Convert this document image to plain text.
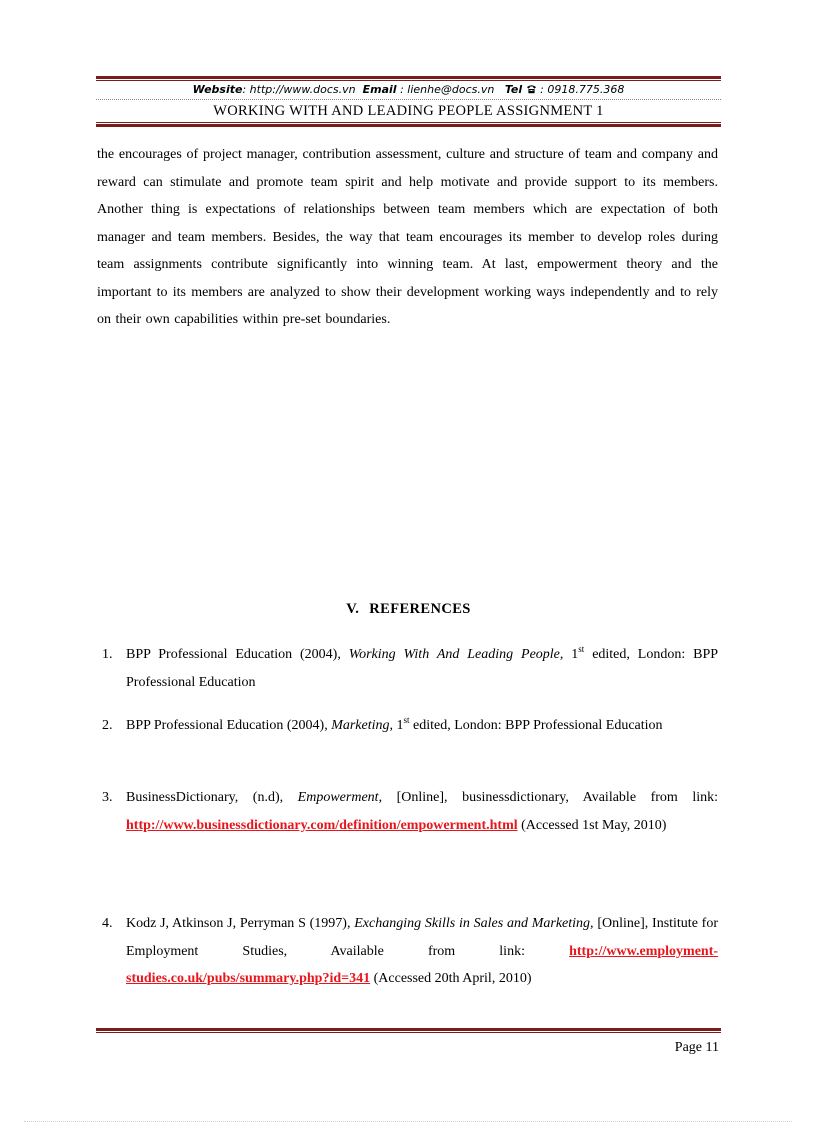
Website: http://www.docs.vn Email : lienhe@docs.vn Tel : 0918.775.368
WORKING WITH AND LEADING PEOPLE ASSIGNMENT 1
the encourages of project manager, contribution assessment, culture and structure of team and company and reward can stimulate and promote team spirit and help motivate and provide support to its members. Another thing is expectations of relationships between team members which are expectation of both manager and team members. Besides, the way that team encourages its member to develop roles during team assignments contribute significantly into winning team. At last, empowerment theory and the important to its members are analyzed to show their development working ways independently and to rely on their own capabilities within pre-set boundaries.
V. REFERENCES
1. BPP Professional Education (2004), Working With And Leading People, 1st edited, London: BPP Professional Education
2. BPP Professional Education (2004), Marketing, 1st edited, London: BPP Professional Education
3. BusinessDictionary, (n.d), Empowerment, [Online], businessdictionary, Available from link: http://www.businessdictionary.com/definition/empowerment.html (Accessed 1st May, 2010)
4. Kodz J, Atkinson J, Perryman S (1997), Exchanging Skills in Sales and Marketing, [Online], Institute for Employment Studies, Available from link:	http://www.employment-studies.co.uk/pubs/summary.php?id=341 (Accessed 20th April, 2010)
Page 11
